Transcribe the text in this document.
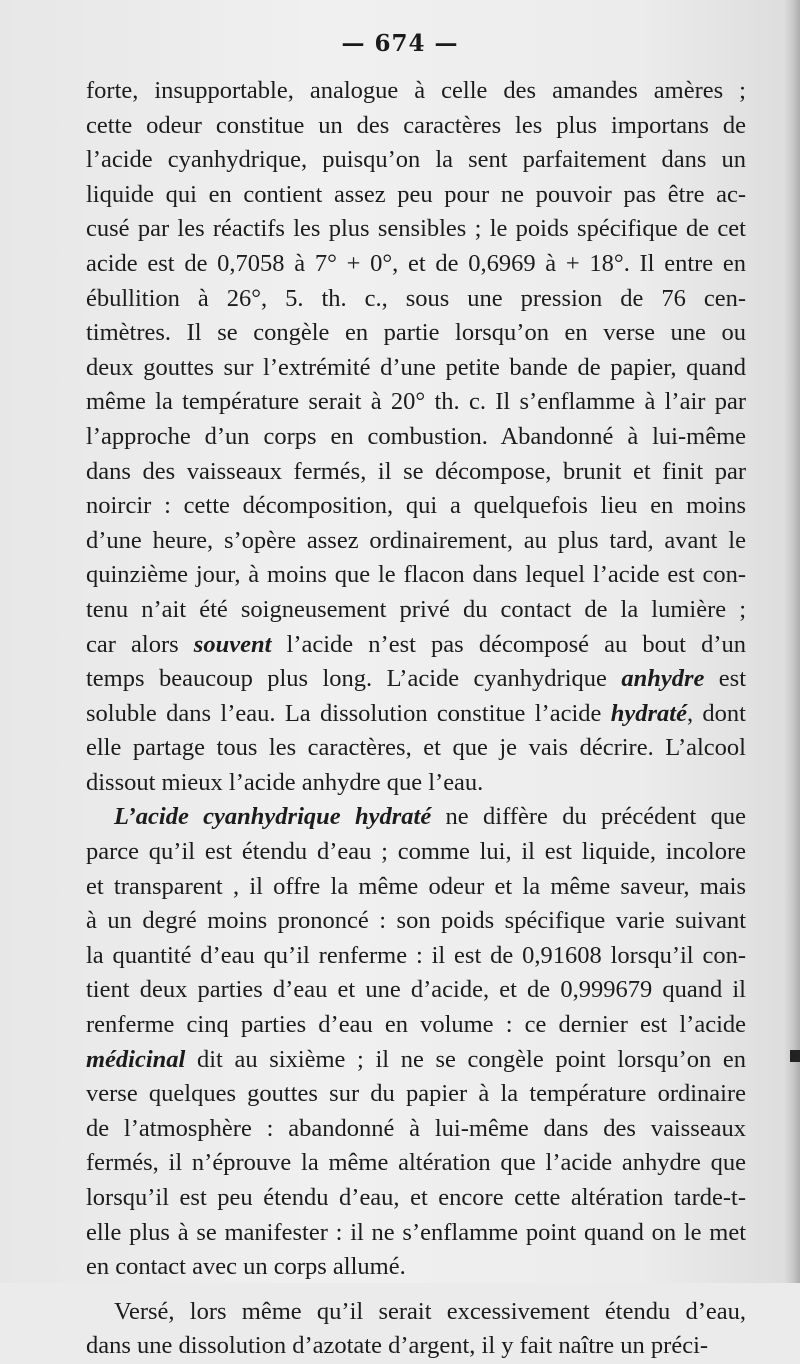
— 674 —
forte, insupportable, analogue à celle des amandes amères ;
cette odeur constitue un des caractères les plus importans de
l’acide cyanhydrique, puisqu’on la sent parfaitement dans un
liquide qui en contient assez peu pour ne pouvoir pas être ac-
cusé par les réactifs les plus sensibles ; le poids spécifique de cet
acide est de 0,7058 à 7° + 0°, et de 0,6969 à + 18°. Il entre en
ébullition à 26°, 5. th. c., sous une pression de 76 cen-
timètres. Il se congèle en partie lorsqu’on en verse une ou
deux gouttes sur l’extrémité d’une petite bande de papier, quand
même la température serait à 20° th. c. Il s’enflamme à l’air par
l’approche d’un corps en combustion. Abandonné à lui-même
dans des vaisseaux fermés, il se décompose, brunit et finit par
noircir : cette décomposition, qui a quelquefois lieu en moins
d’une heure, s’opère assez ordinairement, au plus tard, avant le
quinzième jour, à moins que le flacon dans lequel l’acide est con-
tenu n’ait été soigneusement privé du contact de la lumière ;
car alors souvent l’acide n’est pas décomposé au bout d’un
temps beaucoup plus long. L’acide cyanhydrique anhydre est
soluble dans l’eau. La dissolution constitue l’acide hydraté, dont
elle partage tous les caractères, et que je vais décrire. L’alcool
dissout mieux l’acide anhydre que l’eau.
L’acide cyanhydrique hydraté ne diffère du précédent que
parce qu’il est étendu d’eau ; comme lui, il est liquide, incolore
et transparent , il offre la même odeur et la même saveur, mais
à un degré moins prononcé : son poids spécifique varie suivant
la quantité d’eau qu’il renferme : il est de 0,91608 lorsqu’il con-
tient deux parties d’eau et une d’acide, et de 0,999679 quand il
renferme cinq parties d’eau en volume : ce dernier est l’acide
médicinal dit au sixième ; il ne se congèle point lorsqu’on en
verse quelques gouttes sur du papier à la température ordinaire
de l’atmosphère : abandonné à lui-même dans des vaisseaux
fermés, il n’éprouve la même altération que l’acide anhydre que
lorsqu’il est peu étendu d’eau, et encore cette altération tarde-t-
elle plus à se manifester : il ne s’enflamme point quand on le met
en contact avec un corps allumé.
Versé, lors même qu’il serait excessivement étendu d’eau,
dans une dissolution d’azotate d’argent, il y fait naître un préci-
